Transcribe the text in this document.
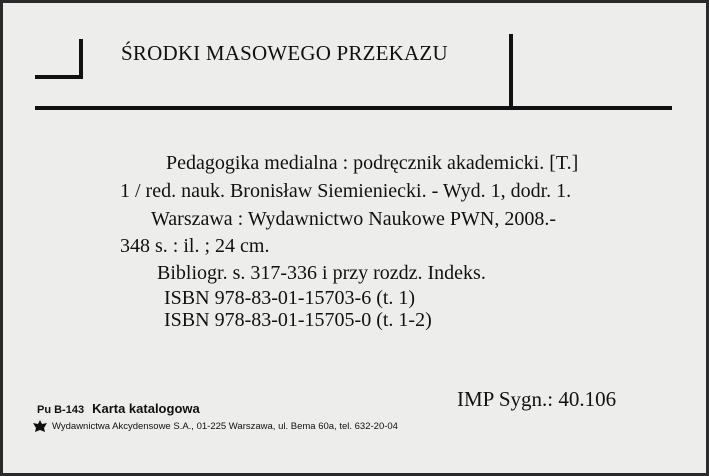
ŚRODKI MASOWEGO PRZEKAZU
Pedagogika medialna : podręcznik akademicki. [T.]
1 / red. nauk. Bronisław Siemieniecki. - Wyd. 1, dodr. 1.
Warszawa : Wydawnictwo Naukowe PWN, 2008.-
348 s. : il. ; 24 cm.
Bibliogr. s. 317-336 i przy rozdz. Indeks.
ISBN 978-83-01-15703-6 (t. 1)
ISBN 978-83-01-15705-0 (t. 1-2)
IMP Sygn.: 40.106
Pu B-143 Karta katalogowa
Wydawnictwa Akcydensowe S.A., 01-225 Warszawa, ul. Bema 60a, tel. 632-20-04
